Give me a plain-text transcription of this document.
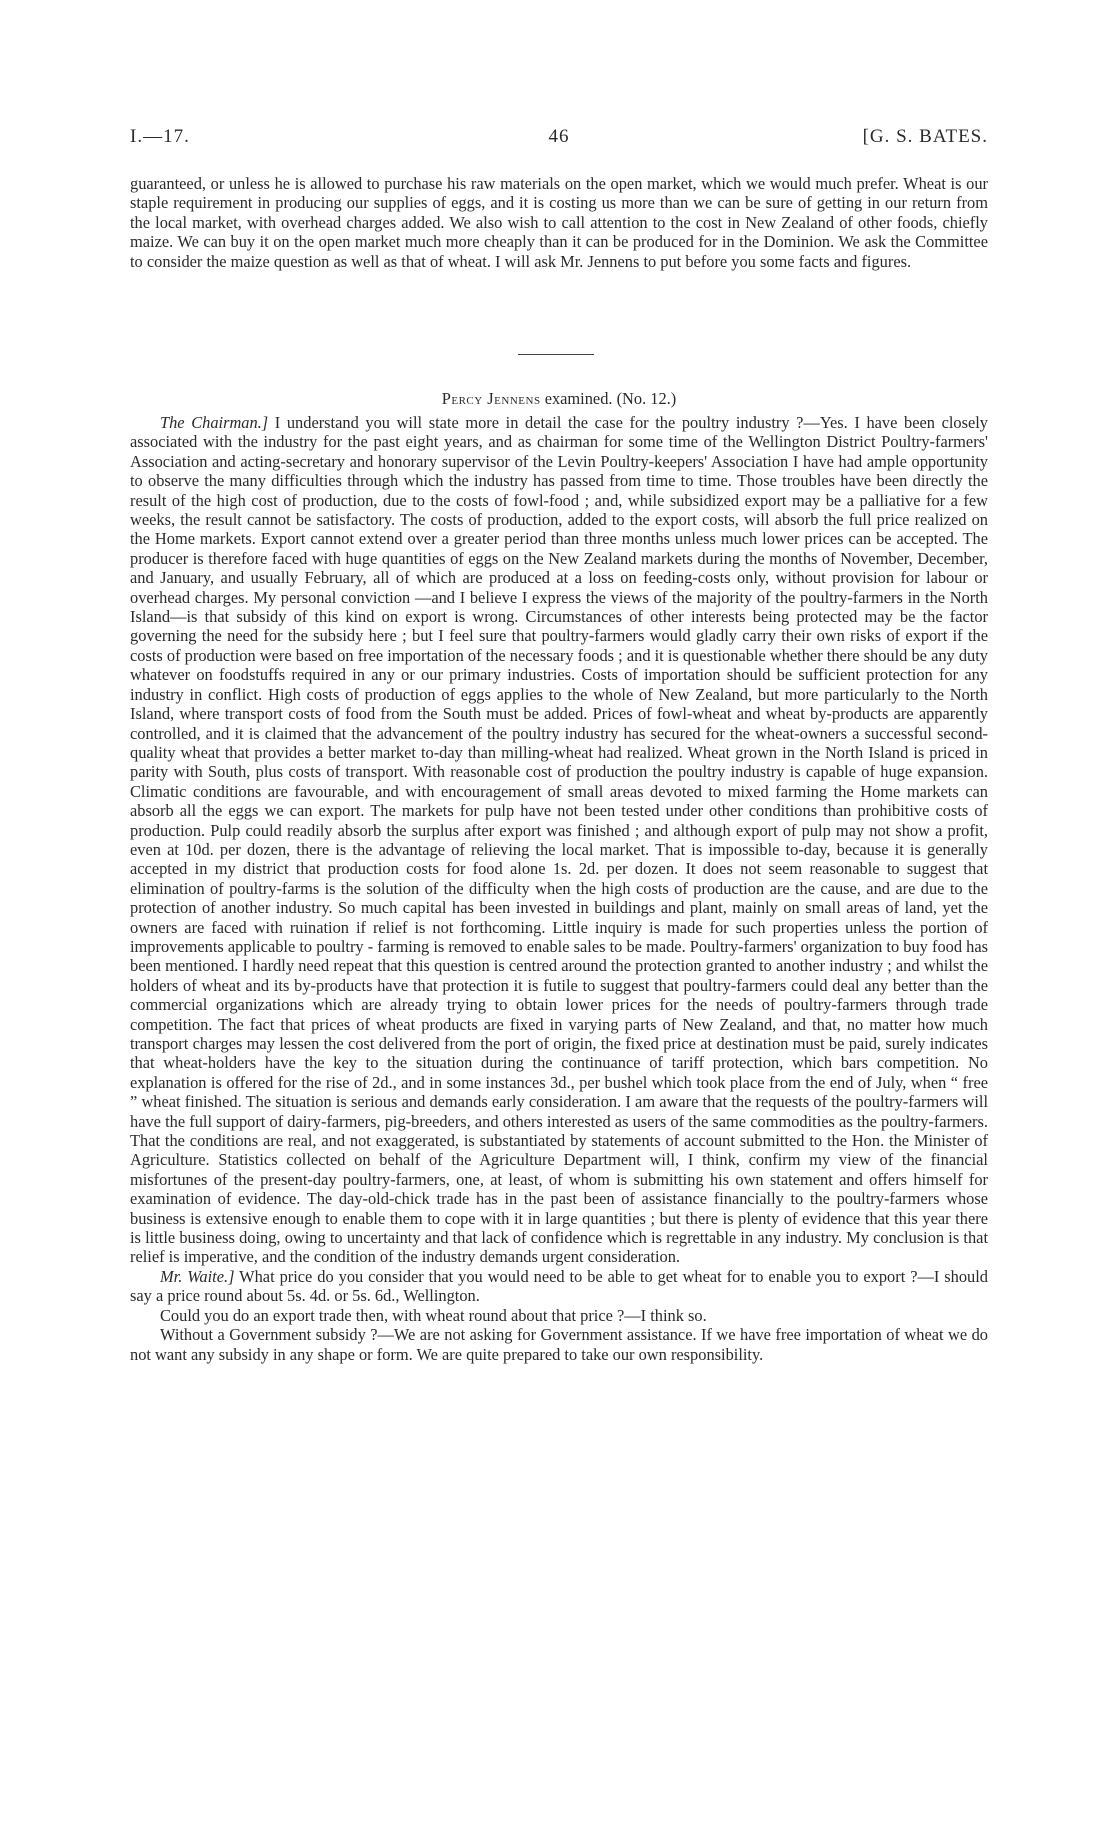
I.—17.	46	[G. S. BATES.
guaranteed, or unless he is allowed to purchase his raw materials on the open market, which we would much prefer. Wheat is our staple requirement in producing our supplies of eggs, and it is costing us more than we can be sure of getting in our return from the local market, with overhead charges added. We also wish to call attention to the cost in New Zealand of other foods, chiefly maize. We can buy it on the open market much more cheaply than it can be produced for in the Dominion. We ask the Committee to consider the maize question as well as that of wheat. I will ask Mr. Jennens to put before you some facts and figures.
Percy Jennens examined. (No. 12.)

The Chairman.] I understand you will state more in detail the case for the poultry industry ?—Yes. I have been closely associated with the industry for the past eight years, and as chairman for some time of the Wellington District Poultry-farmers' Association and acting-secretary and honorary supervisor of the Levin Poultry-keepers' Association I have had ample opportunity to observe the many difficulties through which the industry has passed from time to time. Those troubles have been directly the result of the high cost of production, due to the costs of fowl-food ; and, while subsidized export may be a palliative for a few weeks, the result cannot be satisfactory. The costs of production, added to the export costs, will absorb the full price realized on the Home markets. Export cannot extend over a greater period than three months unless much lower prices can be accepted. The producer is therefore faced with huge quantities of eggs on the New Zealand markets during the months of November, December, and January, and usually February, all of which are produced at a loss on feeding-costs only, without provision for labour or overhead charges. My personal conviction —and I believe I express the views of the majority of the poultry-farmers in the North Island—is that subsidy of this kind on export is wrong. Circumstances of other interests being protected may be the factor governing the need for the subsidy here ; but I feel sure that poultry-farmers would gladly carry their own risks of export if the costs of production were based on free importation of the necessary foods ; and it is questionable whether there should be any duty whatever on foodstuffs required in any or our primary industries. Costs of importation should be sufficient protection for any industry in conflict. High costs of production of eggs applies to the whole of New Zealand, but more particularly to the North Island, where transport costs of food from the South must be added. Prices of fowl-wheat and wheat by-products are apparently controlled, and it is claimed that the advancement of the poultry industry has secured for the wheat-owners a successful second-quality wheat that provides a better market to-day than milling-wheat had realized. Wheat grown in the North Island is priced in parity with South, plus costs of transport. With reasonable cost of production the poultry industry is capable of huge expansion. Climatic conditions are favourable, and with encouragement of small areas devoted to mixed farming the Home markets can absorb all the eggs we can export. The markets for pulp have not been tested under other conditions than prohibitive costs of production. Pulp could readily absorb the surplus after export was finished ; and although export of pulp may not show a profit, even at 10d. per dozen, there is the advantage of relieving the local market. That is impossible to-day, because it is generally accepted in my district that production costs for food alone 1s. 2d. per dozen. It does not seem reasonable to suggest that elimination of poultry-farms is the solution of the difficulty when the high costs of production are the cause, and are due to the protection of another industry. So much capital has been invested in buildings and plant, mainly on small areas of land, yet the owners are faced with ruination if relief is not forthcoming. Little inquiry is made for such properties unless the portion of improvements applicable to poultry - farming is removed to enable sales to be made. Poultry-farmers' organization to buy food has been mentioned. I hardly need repeat that this question is centred around the protection granted to another industry ; and whilst the holders of wheat and its by-products have that protection it is futile to suggest that poultry-farmers could deal any better than the commercial organizations which are already trying to obtain lower prices for the needs of poultry-farmers through trade competition. The fact that prices of wheat products are fixed in varying parts of New Zealand, and that, no matter how much transport charges may lessen the cost delivered from the port of origin, the fixed price at destination must be paid, surely indicates that wheat-holders have the key to the situation during the continuance of tariff protection, which bars competition. No explanation is offered for the rise of 2d., and in some instances 3d., per bushel which took place from the end of July, when “ free ” wheat finished. The situation is serious and demands early consideration. I am aware that the requests of the poultry-farmers will have the full support of dairy-farmers, pig-breeders, and others interested as users of the same commodities as the poultry-farmers. That the conditions are real, and not exaggerated, is substantiated by statements of account submitted to the Hon. the Minister of Agriculture. Statistics collected on behalf of the Agriculture Department will, I think, confirm my view of the financial misfortunes of the present-day poultry-farmers, one, at least, of whom is submitting his own statement and offers himself for examination of evidence. The day-old-chick trade has in the past been of assistance financially to the poultry-farmers whose business is extensive enough to enable them to cope with it in large quantities ; but there is plenty of evidence that this year there is little business doing, owing to uncertainty and that lack of confidence which is regrettable in any industry. My conclusion is that relief is imperative, and the condition of the industry demands urgent consideration.

Mr. Waite.] What price do you consider that you would need to be able to get wheat for to enable you to export ?—I should say a price round about 5s. 4d. or 5s. 6d., Wellington.

Could you do an export trade then, with wheat round about that price ?—I think so.

Without a Government subsidy ?—We are not asking for Government assistance. If we have free importation of wheat we do not want any subsidy in any shape or form. We are quite prepared to take our own responsibility.
